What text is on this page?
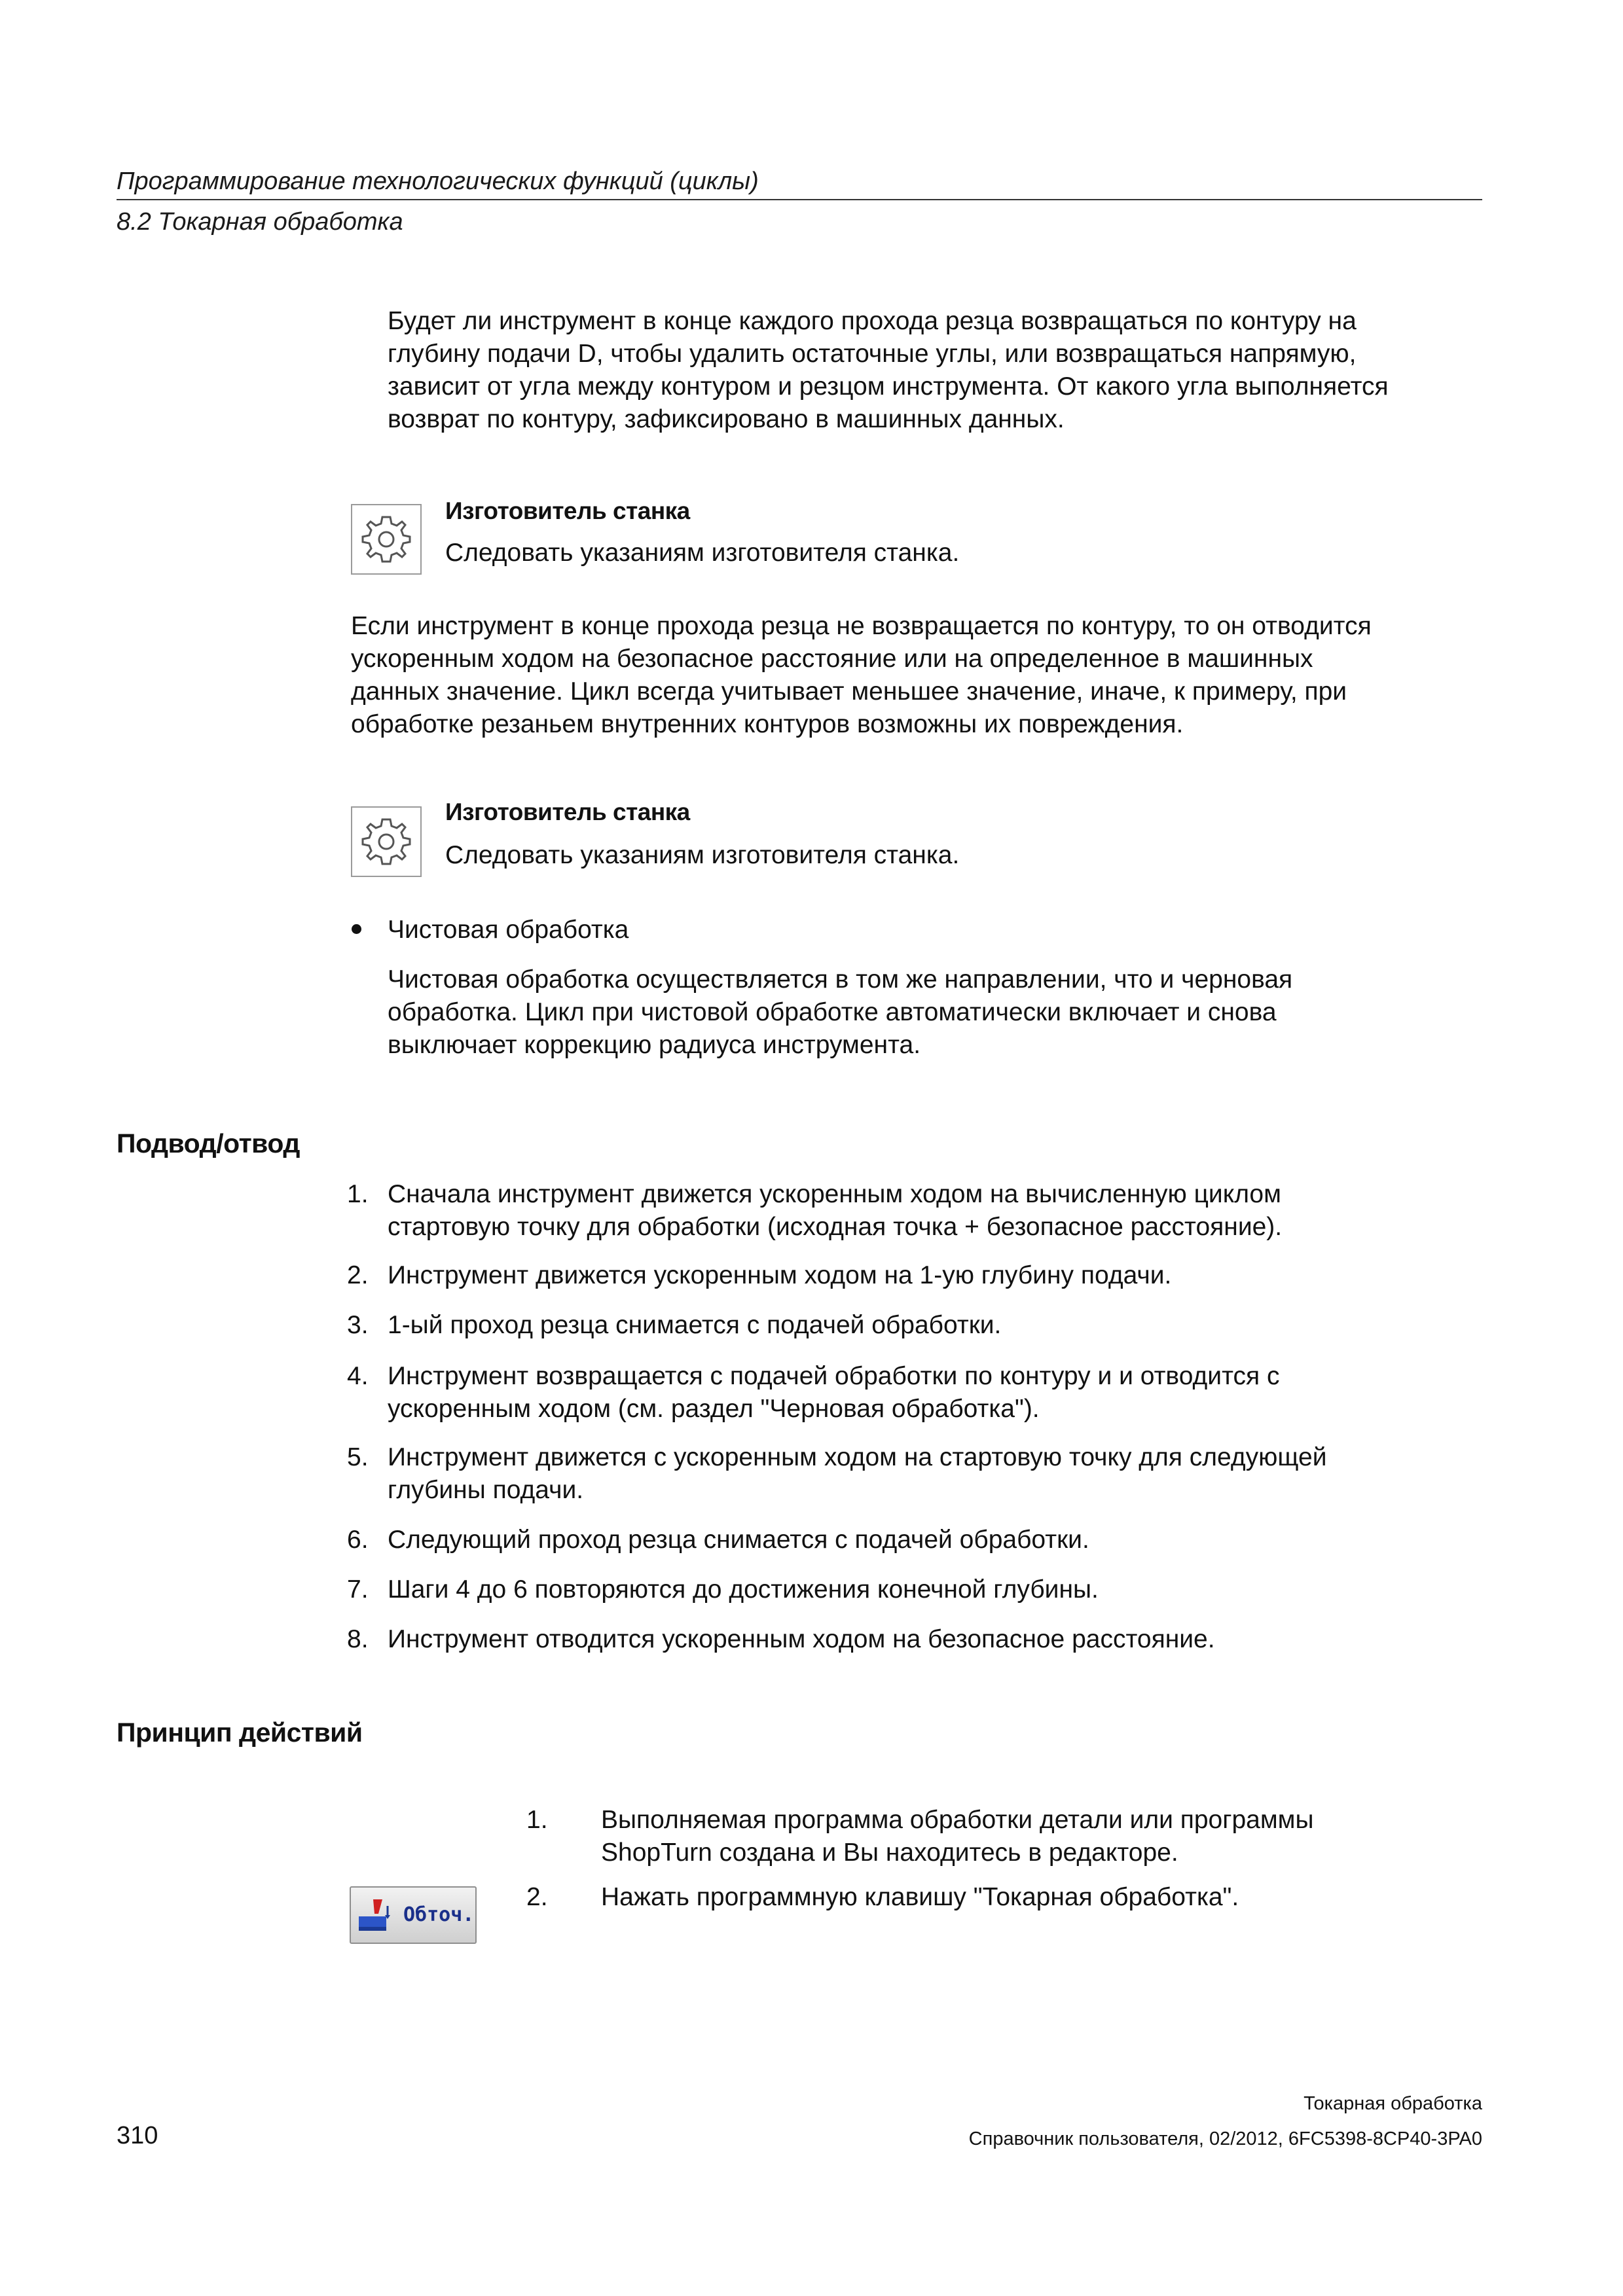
Программирование технологических функций (циклы)
8.2 Токарная обработка
Будет ли инструмент в конце каждого прохода резца возвращаться по контуру на
глубину подачи D, чтобы удалить остаточные углы, или возвращаться напрямую,
зависит от угла между контуром и резцом инструмента. От какого угла выполняется
возврат по контуру, зафиксировано в машинных данных.
Изготовитель станка
Следовать указаниям изготовителя станка.
Если инструмент в конце прохода резца не возвращается по контуру, то он отводится
ускоренным ходом на безопасное расстояние или на определенное в машинных
данных значение. Цикл всегда учитывает меньшее значение, иначе, к примеру, при
обработке резаньем внутренних контуров возможны их повреждения.
Изготовитель станка
Следовать указаниям изготовителя станка.
Чистовая обработка
Чистовая обработка осуществляется в том же направлении, что и черновая
обработка. Цикл при чистовой обработке автоматически включает и снова
выключает коррекцию радиуса инструмента.
Подвод/отвод
1. Сначала инструмент движется ускоренным ходом на вычисленную циклом
стартовую точку для обработки (исходная точка + безопасное расстояние).
2. Инструмент движется ускоренным ходом на 1-ую глубину подачи.
3. 1-ый проход резца снимается с подачей обработки.
4. Инструмент возвращается с подачей обработки по контуру и и отводится с
ускоренным ходом (см. раздел "Черновая обработка").
5. Инструмент движется с ускоренным ходом на стартовую точку для следующей
глубины подачи.
6. Следующий проход резца снимается с подачей обработки.
7. Шаги 4 до 6 повторяются до достижения конечной глубины.
8. Инструмент отводится ускоренным ходом на безопасное расстояние.
Принцип действий
1. Выполняемая программа обработки детали или программы
ShopTurn создана и Вы находитесь в редакторе.
2. Нажать программную клавишу "Токарная обработка".
Обточ.
Токарная обработка
310	Справочник пользователя, 02/2012, 6FC5398-8CP40-3PA0
